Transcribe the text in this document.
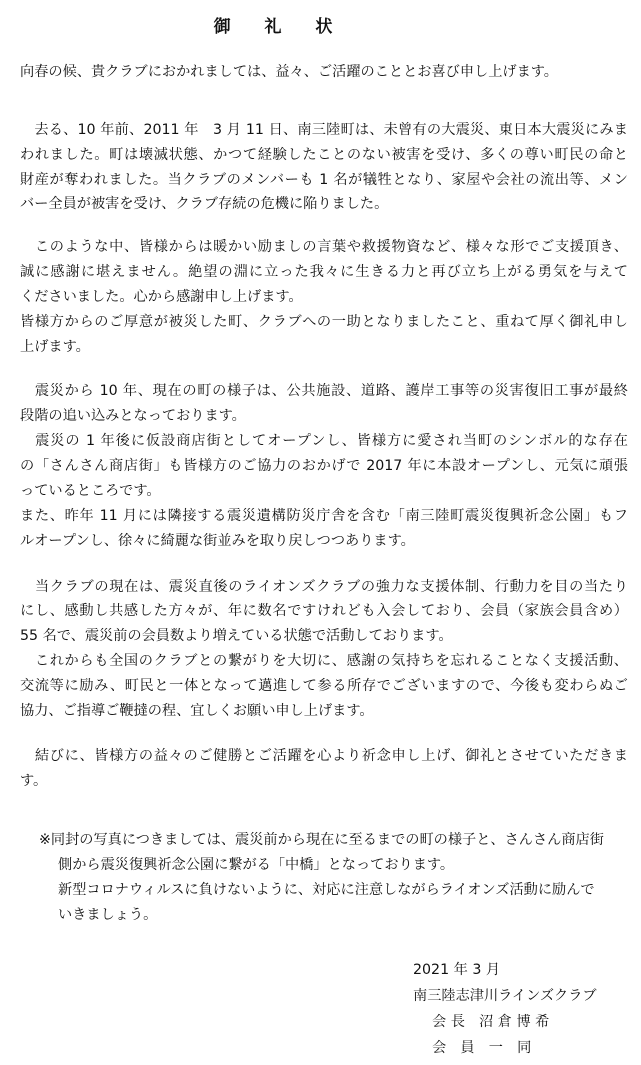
御 礼 状
向春の候、貴クラブにおかれましては、益々、ご活躍のこととお喜び申し上げます。
　去る、10 年前、2011 年　3 月 11 日、南三陸町は、未曾有の大震災、東日本大震災にみま
われました。町は壊滅状態、かつて経験したことのない被害を受け、多くの尊い町民の命と
財産が奪われました。当クラブのメンバーも 1 名が犠牲となり、家屋や会社の流出等、メン
バー全員が被害を受け、クラブ存続の危機に陥りました。
　このような中、皆様からは暖かい励ましの言葉や救援物資など、様々な形でご支援頂き、
誠に感謝に堪えません。絶望の淵に立った我々に生きる力と再び立ち上がる勇気を与えて
くださいました。心から感謝申し上げます。
皆様方からのご厚意が被災した町、クラブへの一助となりましたこと、重ねて厚く御礼申し
上げます。
　震災から 10 年、現在の町の様子は、公共施設、道路、護岸工事等の災害復旧工事が最終
段階の追い込みとなっております。
　震災の 1 年後に仮設商店街としてオープンし、皆様方に愛され当町のシンボル的な存在
の「さんさん商店街」も皆様方のご協力のおかげで 2017 年に本設オープンし、元気に頑張
っているところです。
また、昨年 11 月には隣接する震災遺構防災庁舎を含む「南三陸町震災復興祈念公園」もフ
ルオープンし、徐々に綺麗な街並みを取り戻しつつあります。
　当クラブの現在は、震災直後のライオンズクラブの強力な支援体制、行動力を目の当たり
にし、感動し共感した方々が、年に数名ですけれども入会しており、会員（家族会員含め）
55 名で、震災前の会員数より増えている状態で活動しております。
　これからも全国のクラブとの繋がりを大切に、感謝の気持ちを忘れることなく支援活動、
交流等に励み、町民と一体となって邁進して参る所存でございますので、今後も変わらぬご
協力、ご指導ご鞭撻の程、宜しくお願い申し上げます。
　結びに、皆様方の益々のご健勝とご活躍を心より祈念申し上げ、御礼とさせていただきま
す。
※同封の写真につきましては、震災前から現在に至るまでの町の様子と、さんさん商店街
側から震災復興祈念公園に繋がる「中橋」となっております。
新型コロナウィルスに負けないように、対応に注意しながらライオンズ活動に励んで
いきましょう。
2021 年 3 月
南三陸志津川ラインズクラブ
会 長　沼 倉 博 希
会　員　一　同
